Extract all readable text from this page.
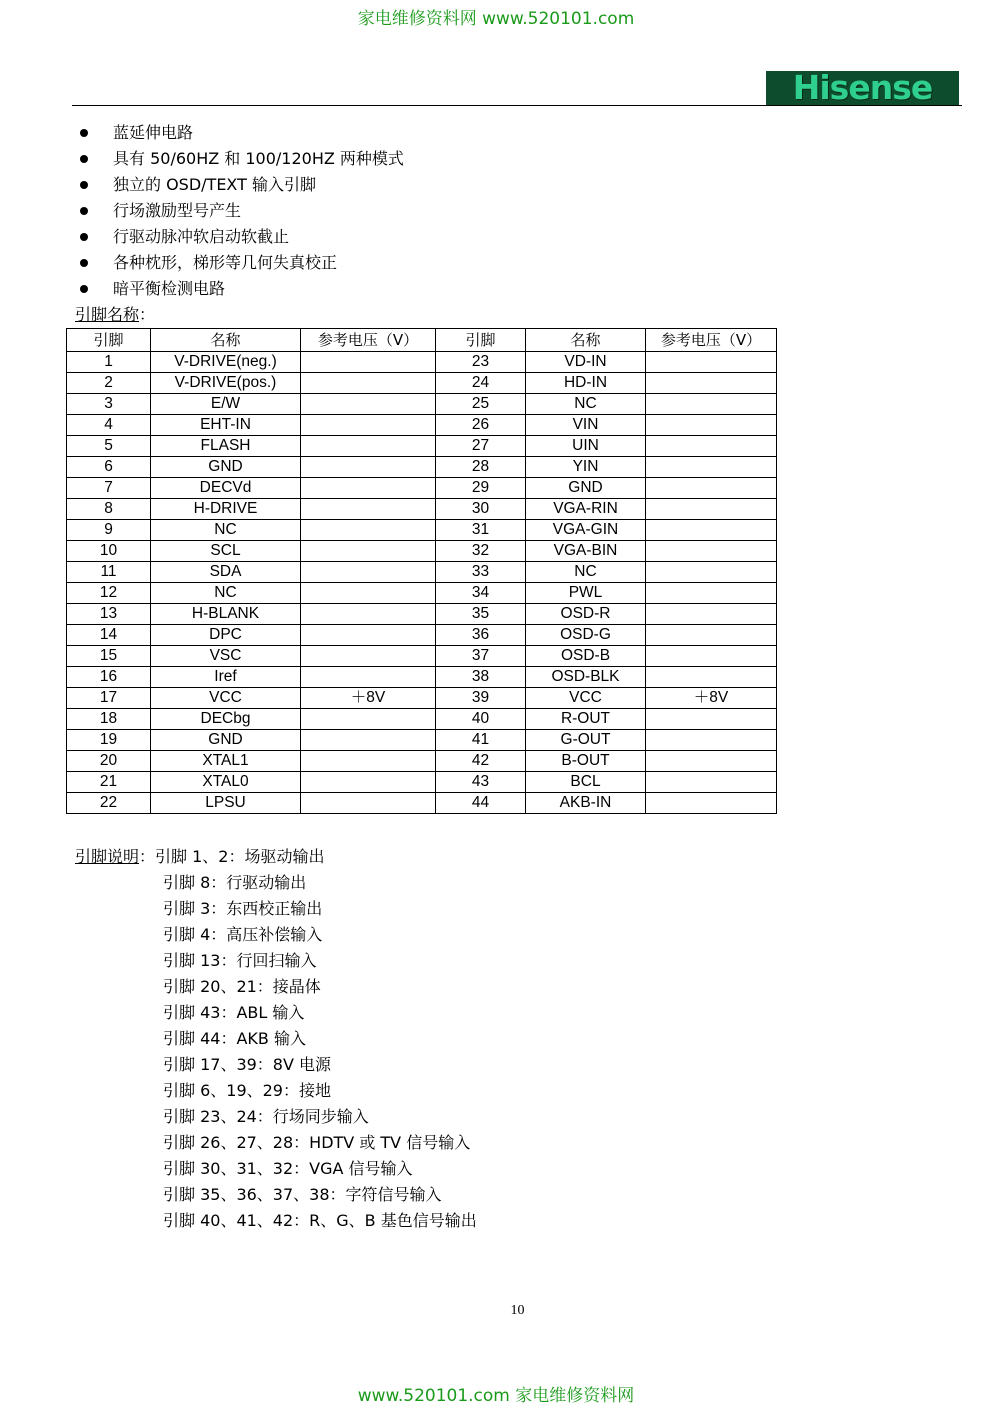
家电维修资料网 www.520101.com
Hisense
蓝延伸电路
具有 50/60HZ 和 100/120HZ 两种模式
独立的 OSD/TEXT 输入引脚
行场激励型号产生
行驱动脉冲软启动软截止
各种枕形，梯形等几何失真校正
暗平衡检测电路
引脚名称：
引脚	名称	参考电压（V）	引脚	名称	参考电压（V）
1	V-DRIVE(neg.)		23	VD-IN	
2	V-DRIVE(pos.)		24	HD-IN	
3	E/W		25	NC	
4	EHT-IN		26	VIN	
5	FLASH		27	UIN	
6	GND		28	YIN	
7	DECVd		29	GND	
8	H-DRIVE		30	VGA-RIN	
9	NC		31	VGA-GIN	
10	SCL		32	VGA-BIN	
11	SDA		33	NC	
12	NC		34	PWL	
13	H-BLANK		35	OSD-R	
14	DPC		36	OSD-G	
15	VSC		37	OSD-B	
16	Iref		38	OSD-BLK	
17	VCC	＋8V	39	VCC	＋8V
18	DECbg		40	R-OUT	
19	GND		41	G-OUT	
20	XTAL1		42	B-OUT	
21	XTAL0		43	BCL	
22	LPSU		44	AKB-IN	
引脚说明：引脚 1、2：场驱动输出
引脚 8：行驱动输出
引脚 3：东西校正输出
引脚 4：高压补偿输入
引脚 13：行回扫输入
引脚 20、21：接晶体
引脚 43：ABL 输入
引脚 44：AKB 输入
引脚 17、39：8V 电源
引脚 6、19、29：接地
引脚 23、24：行场同步输入
引脚 26、27、28：HDTV 或 TV 信号输入
引脚 30、31、32：VGA 信号输入
引脚 35、36、37、38：字符信号输入
引脚 40、41、42：R、G、B 基色信号输出
10
www.520101.com 家电维修资料网
